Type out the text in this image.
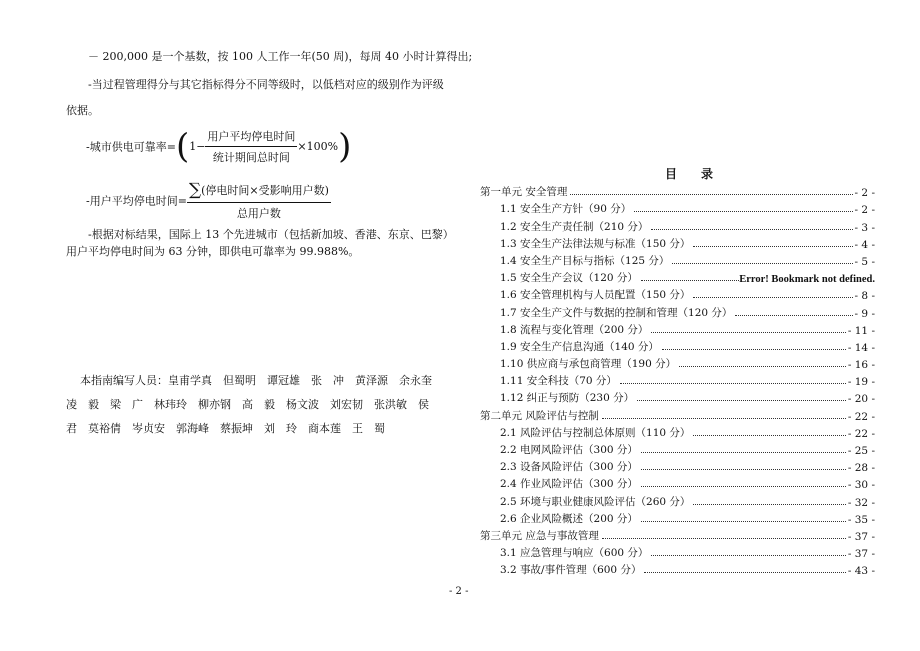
－ 200,000 是一个基数，按 100 人工作一年(50 周)，每周 40 小时计算得出;
-当过程管理得分与其它指标得分不同等级时，以低档对应的级别作为评级
依据。
-城市供电可靠率$=(1- \frac{\text{用户平均停电时间}}{\text{统计期间总时间}} \times 100\%)$
-用户平均停电时间= $\frac{\text{∑(停电时间×受影响用户数)}}{\text{总用户数}}$
-根据对标结果，国际上 13 个先进城市（包括新加坡、香港、东京、巴黎）
用户平均停电时间为 63 分钟，即供电可靠率为 99.988%。
本指南编写人员：皇甫学真　但蜀明　谭冠雄　张　冲　黄泽源　余永奎
凌　毅　梁　广　林玮玲　柳亦钢　高　毅　杨文波　刘宏韧　张洪敏　侯
君　莫裕倩　岑贞安　郭海峰　蔡振坤　刘　玲　商本莲　王　蜀
目　录
第一单元 安全管理	- 2 -
1.1 安全生产方针（90 分）	- 2 -
1.2 安全生产责任制（210 分）	- 3 -
1.3 安全生产法律法规与标准（150 分）	- 4 -
1.4 安全生产目标与指标（125 分）	- 5 -
1.5 安全生产会议（120 分）	Error! Bookmark not defined.
1.6 安全管理机构与人员配置（150 分）	- 8 -
1.7 安全生产文件与数据的控制和管理（120 分）	- 9 -
1.8 流程与变化管理（200 分）	- 11 -
1.9 安全生产信息沟通（140 分）	- 14 -
1.10 供应商与承包商管理（190 分）	- 16 -
1.11 安全科技（70 分）	- 19 -
1.12 纠正与预防（230 分）	- 20 -
第二单元 风险评估与控制	- 22 -
2.1 风险评估与控制总体原则（110 分）	- 22 -
2.2 电网风险评估（300 分）	- 25 -
2.3 设备风险评估（300 分）	- 28 -
2.4 作业风险评估（300 分）	- 30 -
2.5 环境与职业健康风险评估（260 分）	- 32 -
2.6 企业风险概述（200 分）	- 35 -
第三单元 应急与事故管理	- 37 -
3.1 应急管理与响应（600 分）	- 37 -
3.2 事故/事件管理（600 分）	- 43 -
- 2 -
